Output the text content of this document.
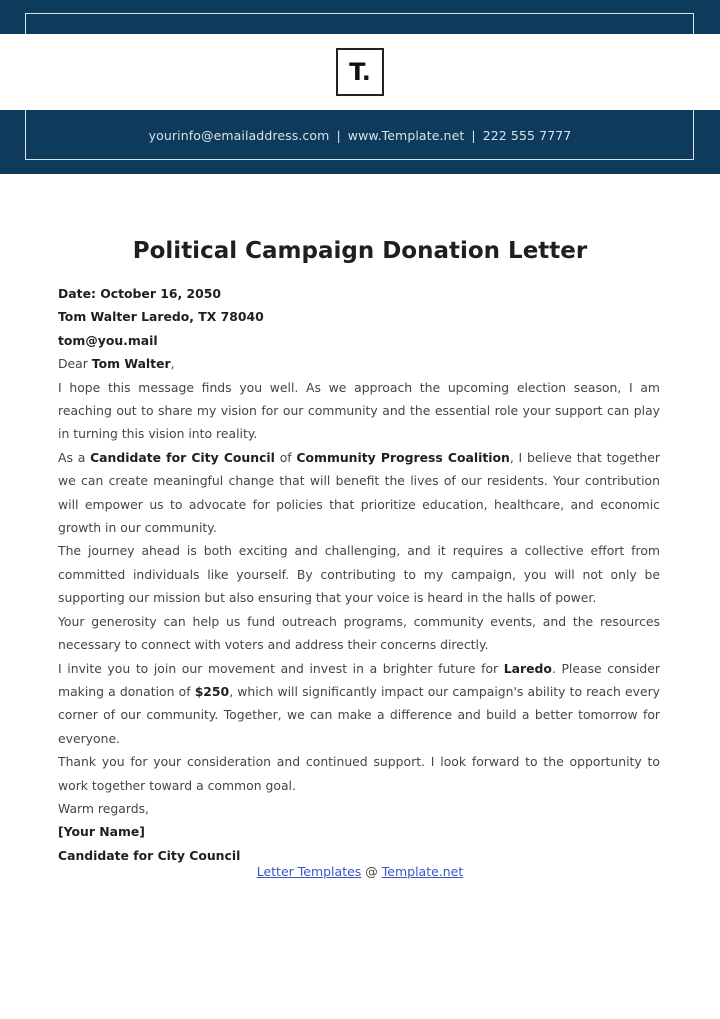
T.
yourinfo@emailaddress.com | www.Template.net | 222 555 7777
Political Campaign Donation Letter

Date: October 16, 2050

Tom Walter Laredo, TX 78040

tom@you.mail

Dear Tom Walter,

I hope this message finds you well. As we approach the upcoming election season, I am reaching out to share my vision for our community and the essential role your support can play in turning this vision into reality.

As a Candidate for City Council of Community Progress Coalition, I believe that together we can create meaningful change that will benefit the lives of our residents. Your contribution will empower us to advocate for policies that prioritize education, healthcare, and economic growth in our community.

The journey ahead is both exciting and challenging, and it requires a collective effort from committed individuals like yourself. By contributing to my campaign, you will not only be supporting our mission but also ensuring that your voice is heard in the halls of power.

Your generosity can help us fund outreach programs, community events, and the resources necessary to connect with voters and address their concerns directly.

I invite you to join our movement and invest in a brighter future for Laredo. Please consider making a donation of $250, which will significantly impact our campaign's ability to reach every corner of our community. Together, we can make a difference and build a better tomorrow for everyone.

Thank you for your consideration and continued support. I look forward to the opportunity to work together toward a common goal.

Warm regards,

[Your Name]

Candidate for City Council

Letter Templates @ Template.net
